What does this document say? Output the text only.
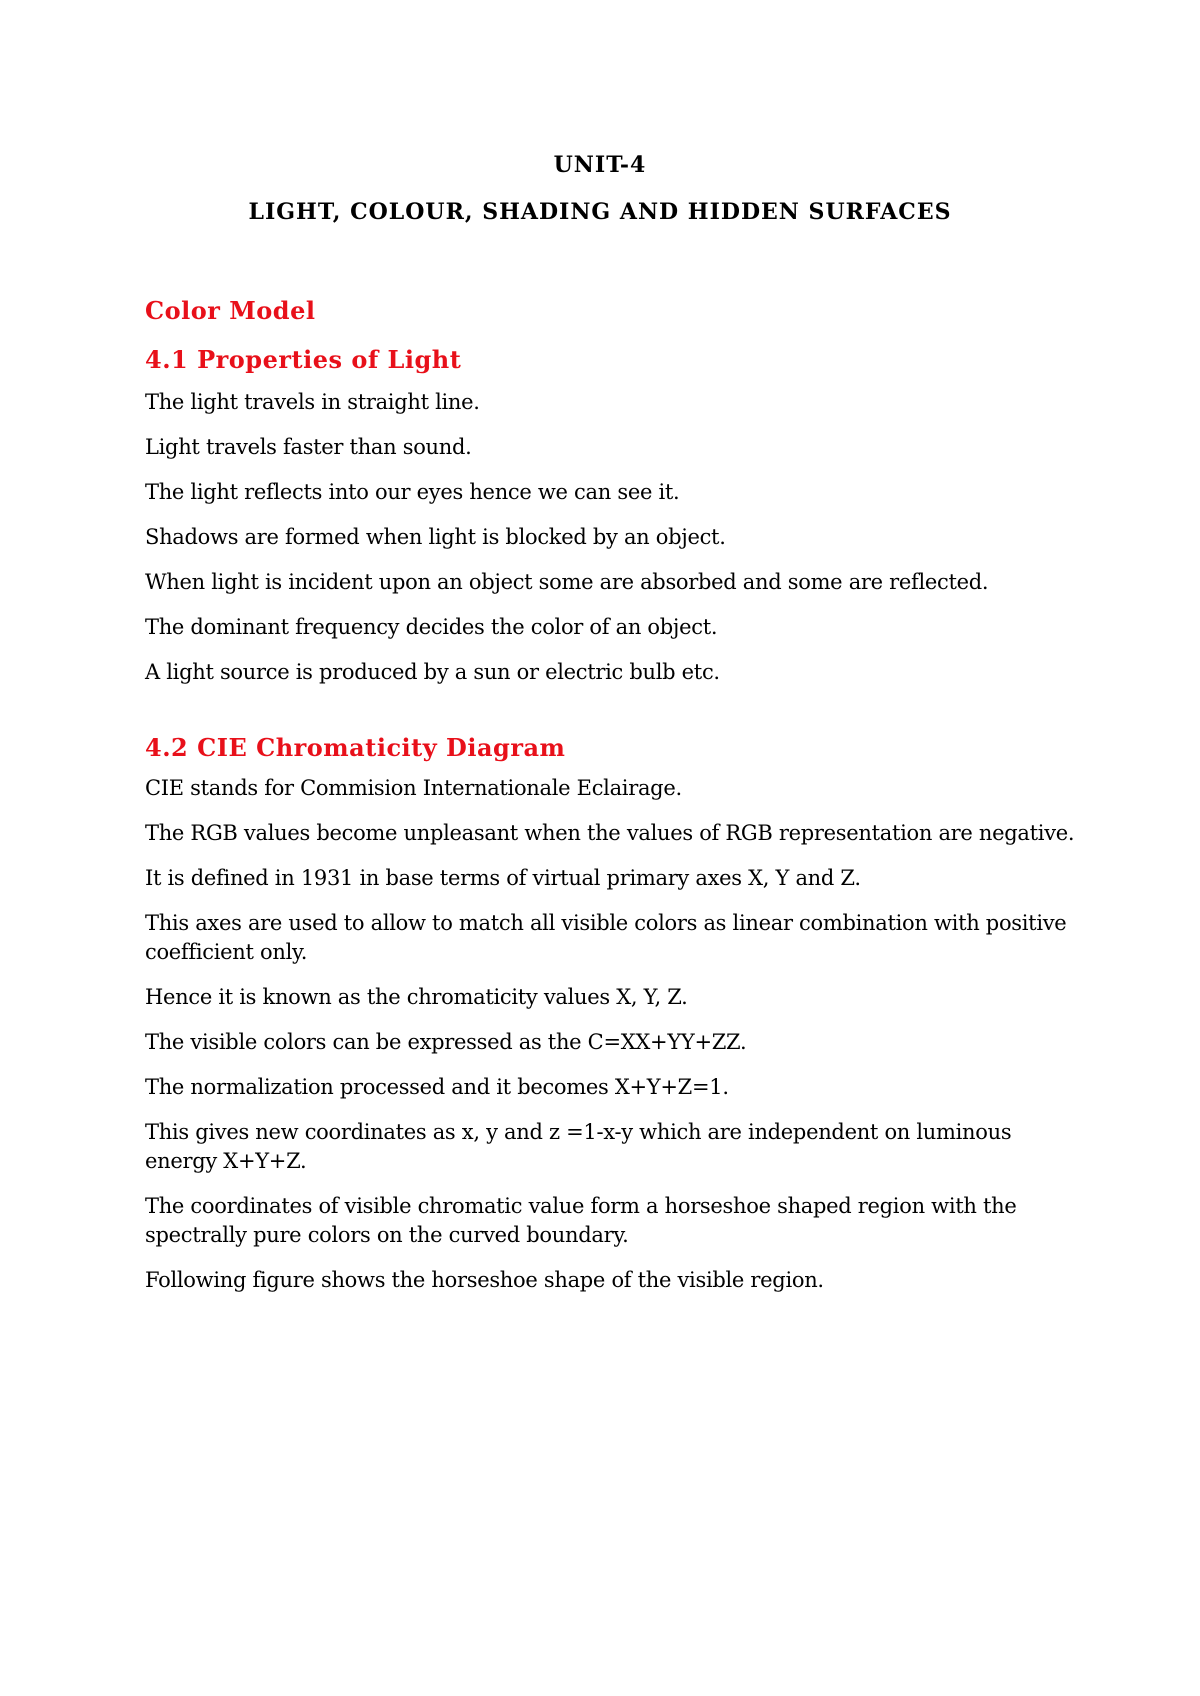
UNIT-4
LIGHT, COLOUR, SHADING AND HIDDEN SURFACES
Color Model
4.1 Properties of Light

The light travels in straight line.

Light travels faster than sound.

The light reflects into our eyes hence we can see it.

Shadows are formed when light is blocked by an object.

When light is incident upon an object some are absorbed and some are reflected.

The dominant frequency decides the color of an object.

A light source is produced by a sun or electric bulb etc.

4.2 CIE Chromaticity Diagram

CIE stands for Commision Internationale Eclairage.

The RGB values become unpleasant when the values of RGB representation are negative.

It is defined in 1931 in base terms of virtual primary axes X, Y and Z.

This axes are used to allow to match all visible colors as linear combination with positive coefficient only.

Hence it is known as the chromaticity values X, Y, Z.

The visible colors can be expressed as the C=XX+YY+ZZ.

The normalization processed and it becomes X+Y+Z=1.

This gives new coordinates as x, y and z =1-x-y which are independent on luminous energy X+Y+Z.

The coordinates of visible chromatic value form a horseshoe shaped region with the spectrally pure colors on the curved boundary.

Following figure shows the horseshoe shape of the visible region.
